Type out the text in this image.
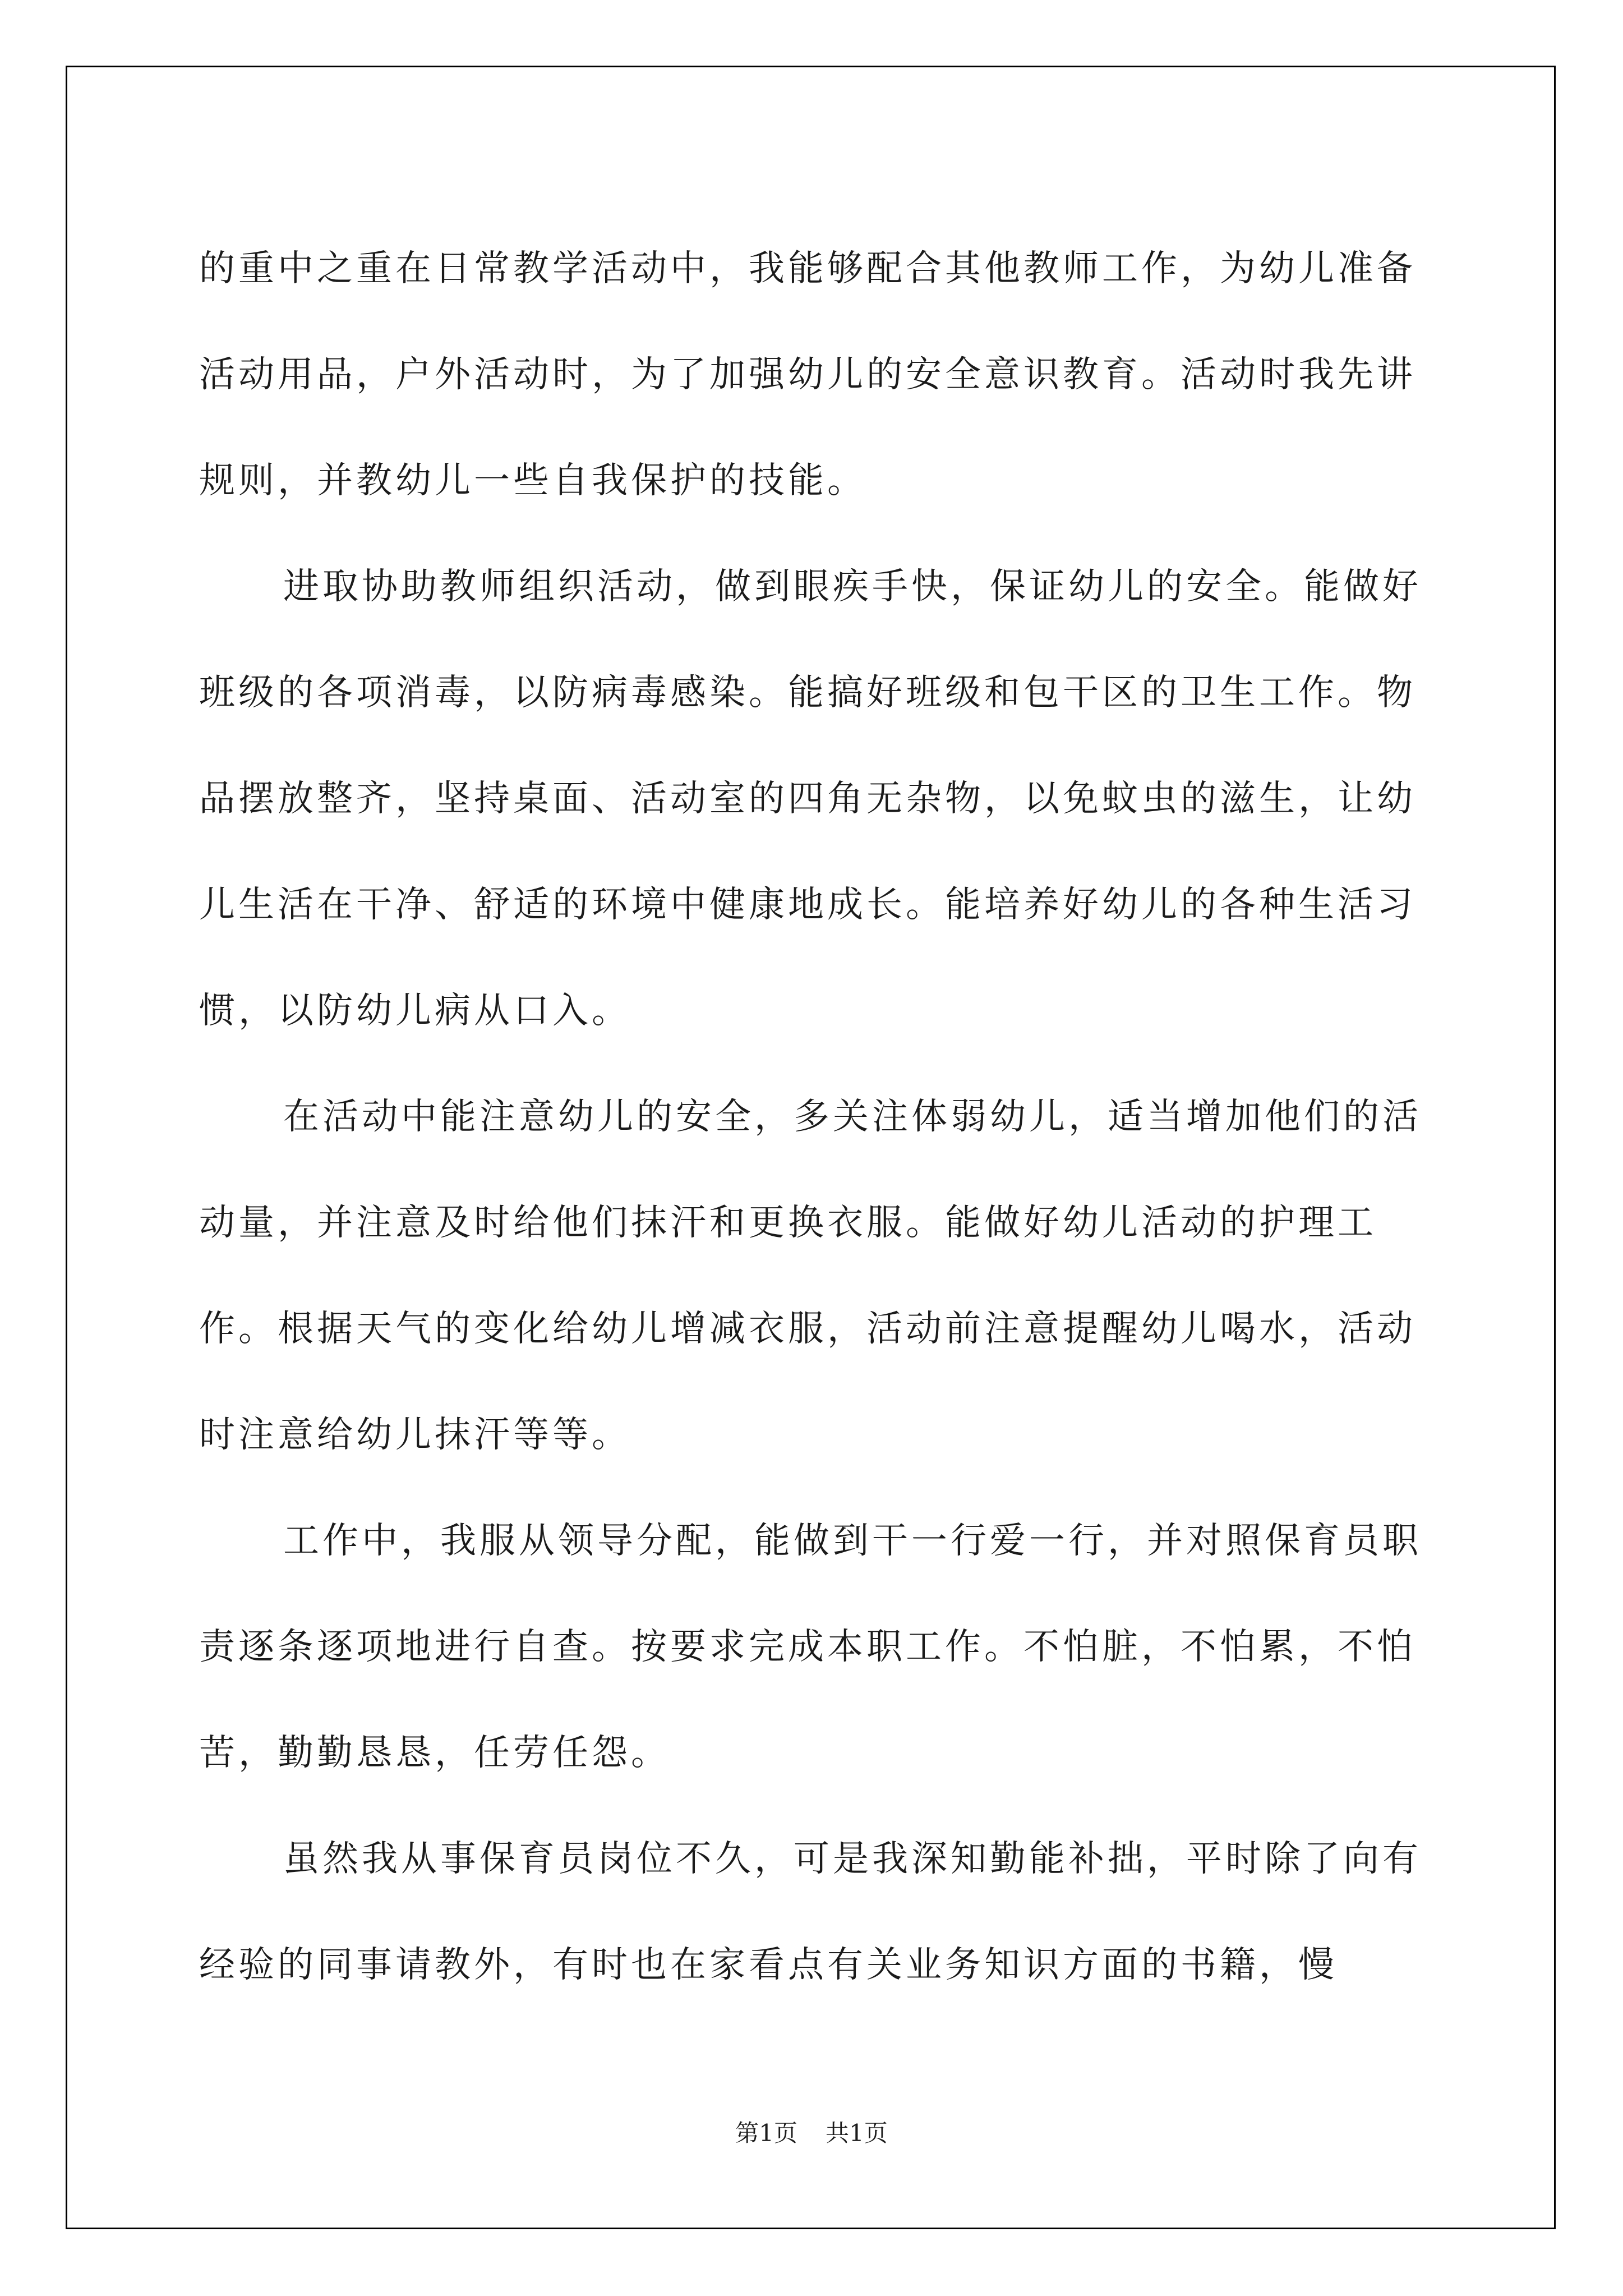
的重中之重在日常教学活动中，我能够配合其他教师工作，为幼儿准备活动用品，户外活动时，为了加强幼儿的安全意识教育。活动时我先讲规则，并教幼儿一些自我保护的技能。

进取协助教师组织活动，做到眼疾手快，保证幼儿的安全。能做好班级的各项消毒，以防病毒感染。能搞好班级和包干区的卫生工作。物品摆放整齐，坚持桌面、活动室的四角无杂物，以免蚊虫的滋生，让幼儿生活在干净、舒适的环境中健康地成长。能培养好幼儿的各种生活习惯，以防幼儿病从口入。

在活动中能注意幼儿的安全，多关注体弱幼儿，适当增加他们的活动量，并注意及时给他们抹汗和更换衣服。能做好幼儿活动的护理工作。根据天气的变化给幼儿增减衣服，活动前注意提醒幼儿喝水，活动时注意给幼儿抹汗等等。

工作中，我服从领导分配，能做到干一行爱一行，并对照保育员职责逐条逐项地进行自查。按要求完成本职工作。不怕脏，不怕累，不怕苦，勤勤恳恳，任劳任怨。

虽然我从事保育员岗位不久，可是我深知勤能补拙，平时除了向有经验的同事请教外，有时也在家看点有关业务知识方面的书籍，慢

第1页 共1页
